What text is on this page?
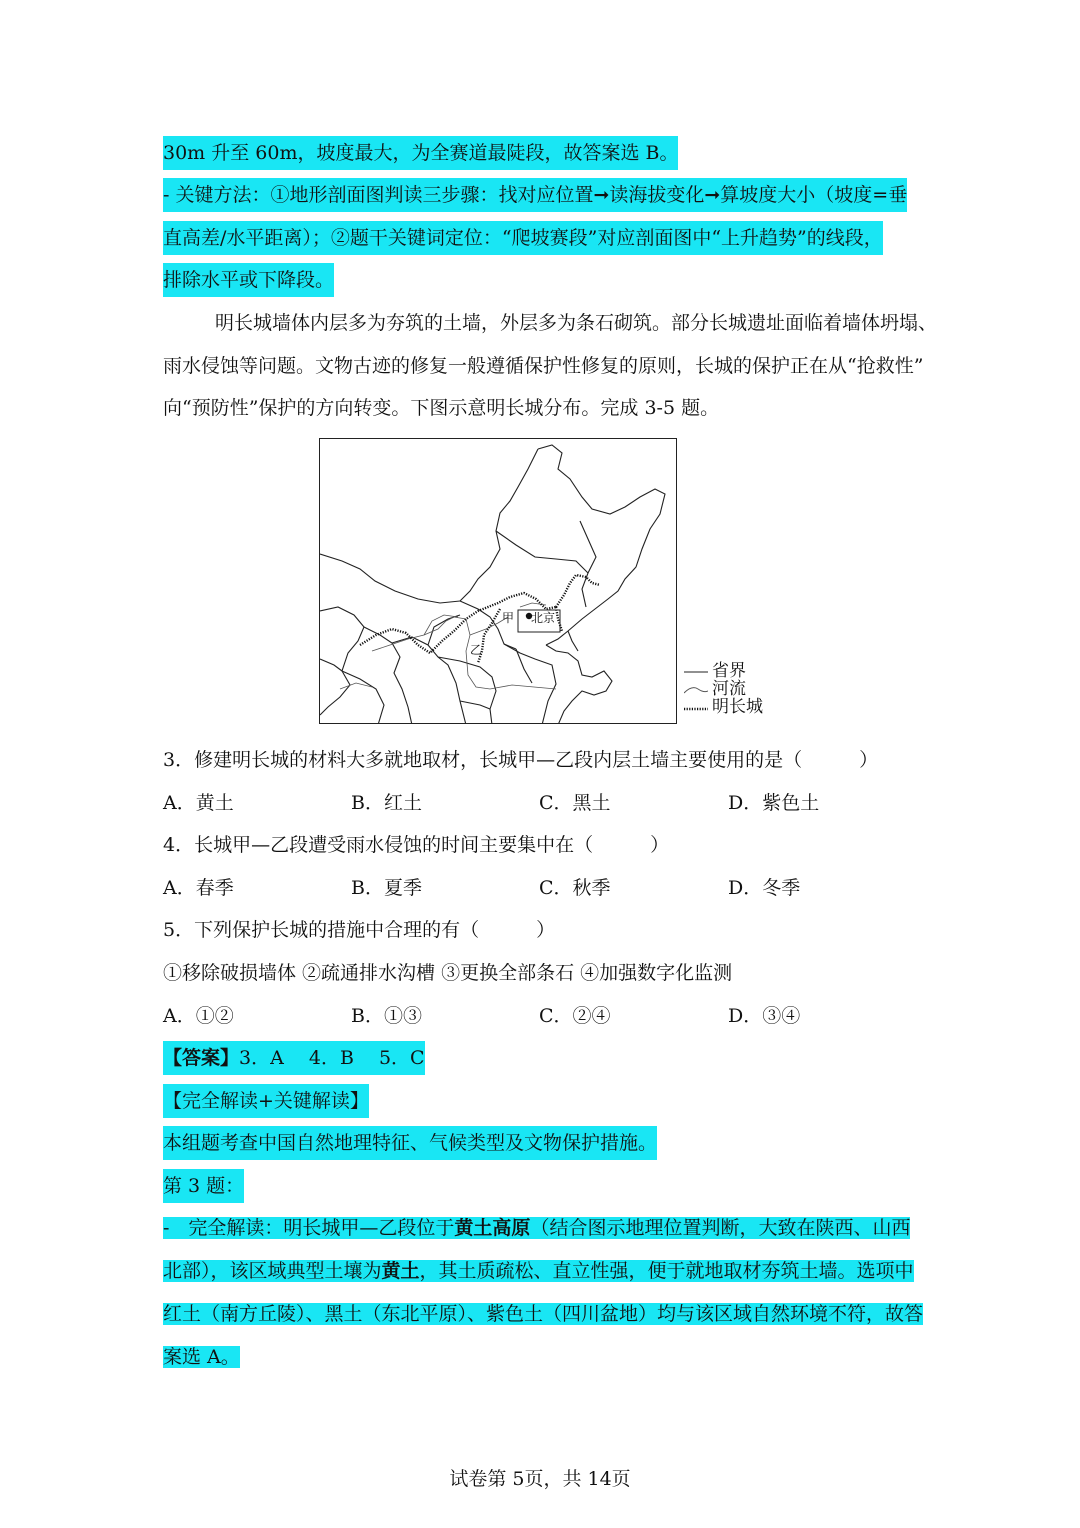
30m 升至 60m，坡度最大，为全赛道最陡段，故答案选 B。
- 关键方法：①地形剖面图判读三步骤：找对应位置➞读海拔变化➞算坡度大小（坡度=垂
直高差/水平距离）；②题干关键词定位：“爬坡赛段”对应剖面图中“上升趋势”的线段，
排除水平或下降段。
明长城墙体内层多为夯筑的土墙，外层多为条石砌筑。部分长城遗址面临着墙体坍塌、
雨水侵蚀等问题。文物古迹的修复一般遵循保护性修复的原则，长城的保护正在从“抢救性”
向“预防性”保护的方向转变。下图示意明长城分布。完成 3-5 题。
甲 北京
乙
省界
河流
明长城
3．修建明长城的材料大多就地取材，长城甲—乙段内层土墙主要使用的是（　　　）
A．黄土	B．红土	C．黑土	D．紫色土
4．长城甲—乙段遭受雨水侵蚀的时间主要集中在（　　　）
A．春季	B．夏季	C．秋季	D．冬季
5．下列保护长城的措施中合理的有（　　　）
①移除破损墙体 ②疏通排水沟槽 ③更换全部条石 ④加强数字化监测
A．①②	B．①③	C．②④	D．③④
【答案】3．A　 4．B　 5．C
【完全解读+关键解读】
本组题考查中国自然地理特征、气候类型及文物保护措施。
第 3 题：
-　完全解读：明长城甲—乙段位于黄土高原（结合图示地理位置判断，大致在陕西、山西北部），该区域典型土壤为黄土，其土质疏松、直立性强，便于就地取材夯筑土墙。选项中红土（南方丘陵）、黑土（东北平原）、紫色土（四川盆地）均与该区域自然环境不符，故答案选 A。
试卷第 5页，共 14页
